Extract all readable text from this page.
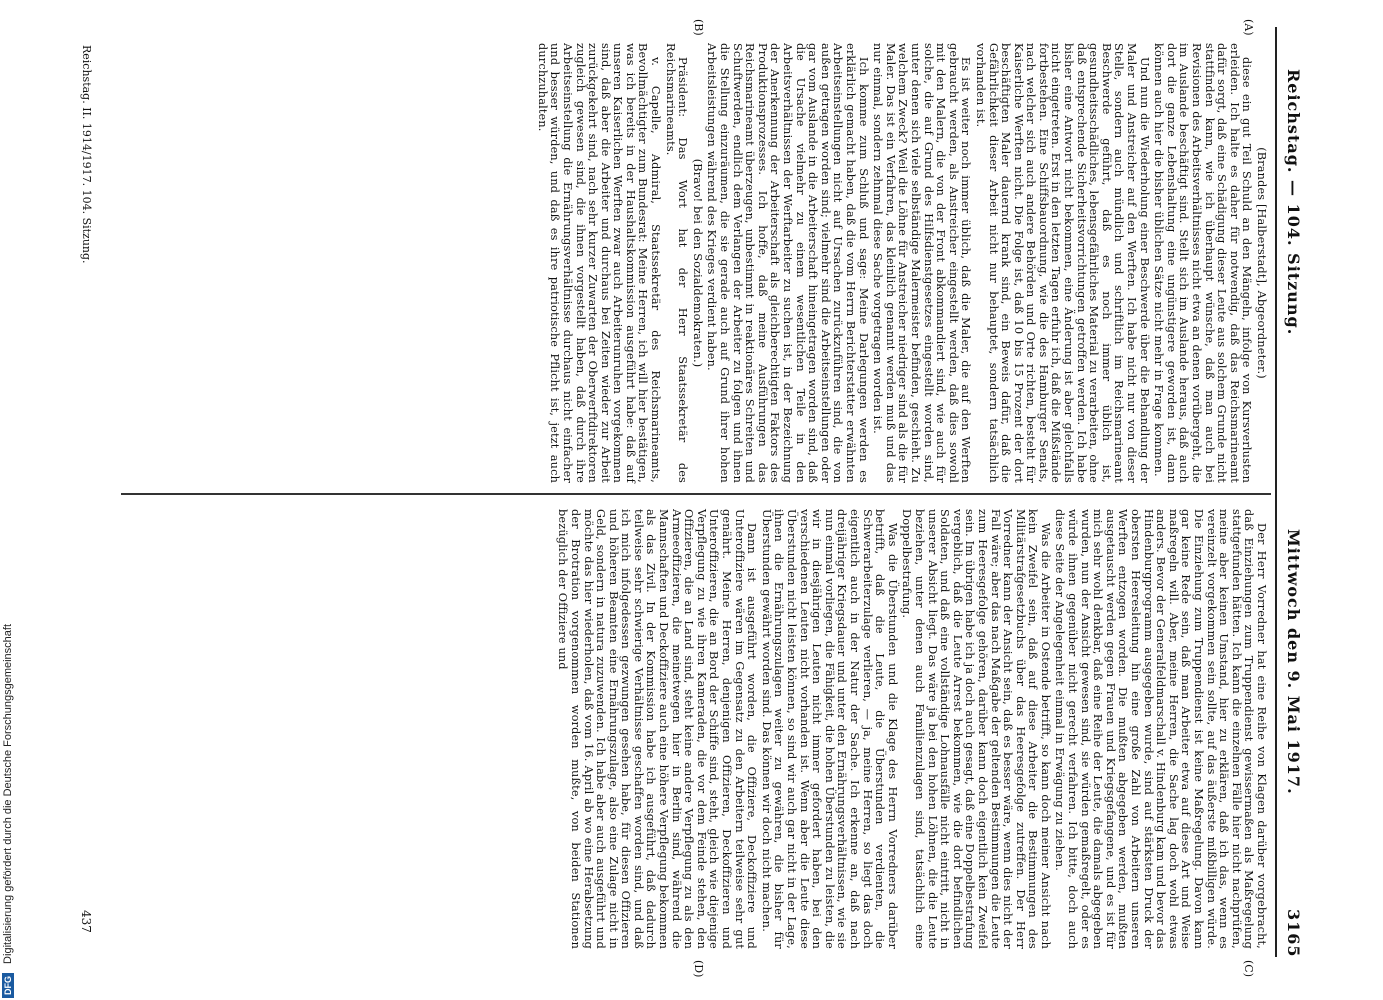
DFG Digitalisierung gefördert durch die Deutsche Forschungsgemeinschaft
Reichstag. — 104. Sitzung.
Mittwoch den 9. Mai 1917.
3165
(A)
(B)
(C)
(D)

(Brandes [Halberstadt], Abgeordneter.)

diese ein gut Teil Schuld an den Mängeln, infolge von Kursverlusten erleiden. Ich halte es daher für notwendig, daß das Reichsmarineamt dafür sorgt, daß eine Schädigung dieser Leute aus solchem Grunde nicht stattfinden kann, wie ich überhaupt wünsche, daß man auch bei Revisionen des Arbeitsverhältnisses nicht etwa an denen vorübergeht, die im Auslande beschäftigt sind. Stellt sich im Auslande heraus, daß auch dort die ganze Lebenshaltung eine ungünstigere geworden ist, dann können auch hier die bisher üblichen Sätze nicht mehr in Frage kommen.

Und nun die Wiederholung einer Beschwerde über die Behandlung der Maler und Anstreicher auf den Werften. Ich habe nicht nur von dieser Stelle, sondern auch mündlich und schriftlich im Reichsmarineamt Beschwerde geführt, daß es noch immer üblich ist, gesundheitsschädliches, lebensgefährliches Material zu verarbeiten, ohne daß entsprechende Sicherheitsvorrichtungen getroffen werden. Ich habe bisher eine Antwort nicht bekommen, eine Änderung ist aber gleichfalls nicht eingetreten. Erst in den letzten Tagen erfuhr ich, daß die Mißstände fortbestehen. Eine Schiffsbauordnung, wie die des Hamburger Senats, nach welcher sich auch andere Behörden und Orte richten, besteht für Kaiserliche Werften nicht. Die Folge ist, daß 10 bis 15 Prozent der dort beschäftigten Maler dauernd krank sind, ein Beweis dafür, daß die Gefährlichkeit dieser Arbeit nicht nur behauptet, sondern tatsächlich vorhanden ist.

Es ist weiter noch immer üblich, daß die Maler, die auf den Werften gebraucht werden, als Anstreicher eingestellt werden, daß dies sowohl mit den Malern, die von der Front abkommandiert sind, wie auch für solche, die auf Grund des Hilfsdienstgesetzes eingestellt worden sind, unter denen sich viele selbständige Malermeister befinden, geschieht. Zu welchem Zweck? Weil die Löhne für Anstreicher niedriger sind als die für Maler. Das ist ein Verfahren, das kleinlich genannt werden muß und das nur einmal, sondern zehnmal diese Sache vorgetragen worden ist.

Ich komme zum Schluß und sage: Meine Darlegungen werden es erklärlich gemacht haben, daß die vom Herrn Berichterstatter erwähnten Arbeitseinstellungen nicht auf Ursachen zurückzuführen sind, die von außen getragen worden sind; vielmehr sind die Arbeitseinstellungen oder gar vom Auslande in die Arbeiterschaft hineingetragen worden sind, daß die Ursache vielmehr zu einem wesentlichen Teile in den Arbeitsverhältnissen der Werftarbeiter zu suchen ist, in der Bezeichnung der Anerkennung der Arbeiterschaft als gleichberechtigten Faktors des Produktionsprozesses. Ich hoffe, daß meine Ausführungen das Reichsmarineamt überzeugen, unbestimmt in reaktionäres Schreiten und Schuftwerden, endlich dem Verlangen der Arbeiter zu folgen und ihnen die Stellung einzuräumen, die sie gerade auch auf Grund ihrer hohen Arbeitsleistungen während des Krieges verdient haben.

(Bravo! bei den Sozialdemokraten.)

Präsident: Das Wort hat der Herr Staatssekretär des Reichsmarineamts.

v. Capelle, Admiral, Staatssekretär des Reichsmarineamts, Bevollmächtigter zum Bundesrat: Meine Herren, ich will hier bestätigen, was ich bereits in der Haushaltskommission ausgeführt habe: daß auf unseren Kaiserlichen Werften zwar auch Arbeiterunruhen vorgekommen sind, daß aber die Arbeiter und durchaus bei Zeiten wieder zur Arbeit zurückgekehrt sind, nach sehr kurzer Zuwarten der Oberwerftdirektoren zugleich gewesen sind, die ihnen vorgestellt haben, daß durch ihre Arbeitseinstellung die Ernährungsverhältnisse durchaus nicht einfacher und besser würden, und daß es ihre patriotische Pflicht ist, jetzt auch durchzuhalten.

Der Herr Vorredner hat eine Reihe von Klagen darüber vorgebracht, daß Einziehungen zum Truppendienst gewissermaßen als Maßregelung stattgefunden hätten. Ich kann die einzelnen Fälle hier nicht nachprüfen, meine aber keinen Umstand, hier zu erklären, daß ich das, wenn es vereinzelt vorgekommen sein sollte, auf das äußerste mißbilligen würde. Die Einziehung zum Truppendienst ist keine Maßregelung. Davon kann gar keine Rede sein, daß man Arbeiter etwa auf diese Art und Weise maßregeln will. Aber, meine Herren, die Sache lag doch wohl etwas anders. Bevor der Generalfeldmarschall v. Hindenburg kam und bevor das Hindenburgprogramm ausgegeben wurde, sind auf stärksten Druck der obersten Heeresleitung hin eine große Zahl von Arbeitern unseren Werften entzogen worden. Die mußten abgegeben werden, mußten ausgetauscht werden gegen Frauen und Kriegsgefangene, und es ist für mich sehr wohl denkbar, daß eine Reihe der Leute, die damals abgegeben wurden, nun der Ansicht gewesen sind, sie würden gemaßregelt, oder es würde ihnen gegenüber nicht gerecht verfahren. Ich bitte, doch auch diese Seite der Angelegenheit einmal in Erwägung zu ziehen.

Was die Arbeiter in Ostende betrifft, so kann doch meiner Ansicht nach kein Zweifel sein, daß auf diese Arbeiter die Bestimmungen des Militärstrafgesetzbuchs über das Heeresgefolge zutreffen. Der Herr Vorredner kann der Ansicht sein, daß es besser wäre, wenn dies nicht der Fall wäre; aber das nach Maßgabe der geltenden Bestimmungen die Leute zum Heeresgefolge gehören, darüber kann doch eigentlich kein Zweifel sein. Im übrigen habe ich ja doch auch gesagt, daß eine Doppelbestrafung vergeblich, daß die Leute Arrest bekommen, wie die dort befindlichen Soldaten, und daß eine vollständige Lohnausfälle nicht eintritt, nicht in unserer Absicht liegt. Das wäre ja bei den hohen Löhnen, die die Leute beziehen, unter denen auch Familienzulagen sind, tatsächlich eine Doppelbestrafung.

Was die Überstunden und die Klage des Herrn Vorredners darüber betrifft, daß die Leute, die Überstunden verdienten, die Schwerarbeiterzulage verlieren, — ja, meine Herren, so liegt das doch eigentlich auch in der Natur der Sache. Ich erkenne an, daß nach dreijähriger Kriegsdauer und unter den Ernährungsverhältnissen, wie sie nun einmal vorliegen, die Fähigkeit, die hohen Überstunden zu leisten, die wir in diesjährigen Leuten nicht immer gefordert haben, bei den verschiedenen Leuten nicht vorhanden ist. Wenn aber die Leute diese Überstunden nicht leisten können, so sind wir auch gar nicht in der Lage, ihnen die Ernährungszulagen weiter zu gewähren, die bisher für Überstunden gewährt worden sind. Das können wir doch nicht machen.

Dann ist ausgeführt worden, die Offiziere, Deckoffiziere und Unteroffiziere wären im Gegensatz zu den Arbeitern teilweise sehr gut genährt. Meine Herren, denjenigen Offizieren, Deckoffizieren und Unteroffizieren, die an Bord der Schiffe sind, steht, gleich wie diejenige Verpflegung zu wie ihren Kameraden, die vor dem Feinde stehen, den Offizieren, die an Land sind, steht keine andere Verpflegung zu als den Armeeoffizieren, die meinetwegen hier in Berlin sind, während die Mannschaften und Deckoffiziere auch eine höhere Verpflegung bekommen als das Zivil. In der Kommission habe ich ausgeführt, daß dadurch teilweise sehr schwierige Verhältnisse geschaffen worden sind, und daß ich mich infolgedessen gezwungen gesehen habe, für diesen Offizieren und höheren Beamten eine Ernährungszulage, also eine Zulage nicht in Geld, sondern in natura zuzuwenden. Ich habe aber auch ausgeführt und möchte das hier wiederholen, daß vom 16. April ab wo eine Herabsetzung der Brotration vorgenommen worden mußte, von beiden Stationen bezüglich der Offiziere und

Reichstag. II. 1914/1917. 104. Sitzung.
437
